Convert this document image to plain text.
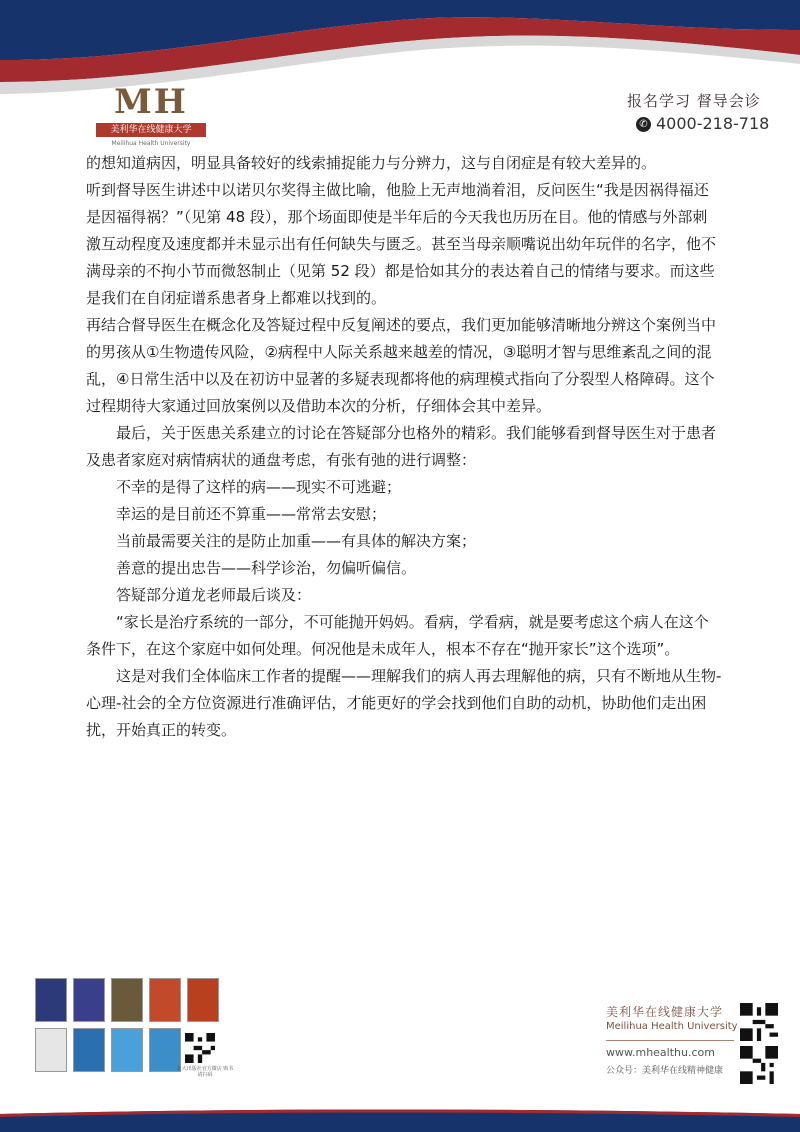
MH
美利华在线健康大学
Meilihua Health University
报名学习 督导会诊
✆ 4000-218-718

的想知道病因，明显具备较好的线索捕捉能力与分辨力，这与自闭症是有较大差异的。

听到督导医生讲述中以诺贝尔奖得主做比喻，他脸上无声地淌着泪，反问医生“我是因祸得福还是因福得祸？”（见第 48 段），那个场面即使是半年后的今天我也历历在目。他的情感与外部刺激互动程度及速度都并未显示出有任何缺失与匮乏。甚至当母亲顺嘴说出幼年玩伴的名字，他不满母亲的不拘小节而微怒制止（见第 52 段）都是恰如其分的表达着自己的情绪与要求。而这些是我们在自闭症谱系患者身上都难以找到的。

再结合督导医生在概念化及答疑过程中反复阐述的要点，我们更加能够清晰地分辨这个案例当中的男孩从①生物遗传风险，②病程中人际关系越来越差的情况，③聪明才智与思维紊乱之间的混乱，④日常生活中以及在初访中显著的多疑表现都将他的病理模式指向了分裂型人格障碍。这个过程期待大家通过回放案例以及借助本次的分析，仔细体会其中差异。

最后，关于医患关系建立的讨论在答疑部分也格外的精彩。我们能够看到督导医生对于患者及患者家庭对病情病状的通盘考虑，有张有弛的进行调整：

不幸的是得了这样的病——现实不可逃避；

幸运的是目前还不算重——常常去安慰；

当前最需要关注的是防止加重——有具体的解决方案；

善意的提出忠告——科学诊治，勿偏听偏信。

答疑部分道龙老师最后谈及：

“家长是治疗系统的一部分，不可能抛开妈妈。看病，学看病，就是要考虑这个病人在这个条件下，在这个家庭中如何处理。何况他是未成年人，根本不存在“抛开家长”这个选项”。

这是对我们全体临床工作者的提醒——理解我们的病人再去理解他的病，只有不断地从生物-心理-社会的全方位资源进行准确评估，才能更好的学会找到他们自助的动机，协助他们走出困扰，开始真正的转变。

北大出版社官方微店 购书请扫码
美利华在线健康大学
Meilihua Health University
www.mhealthu.com
公众号：美利华在线精神健康
